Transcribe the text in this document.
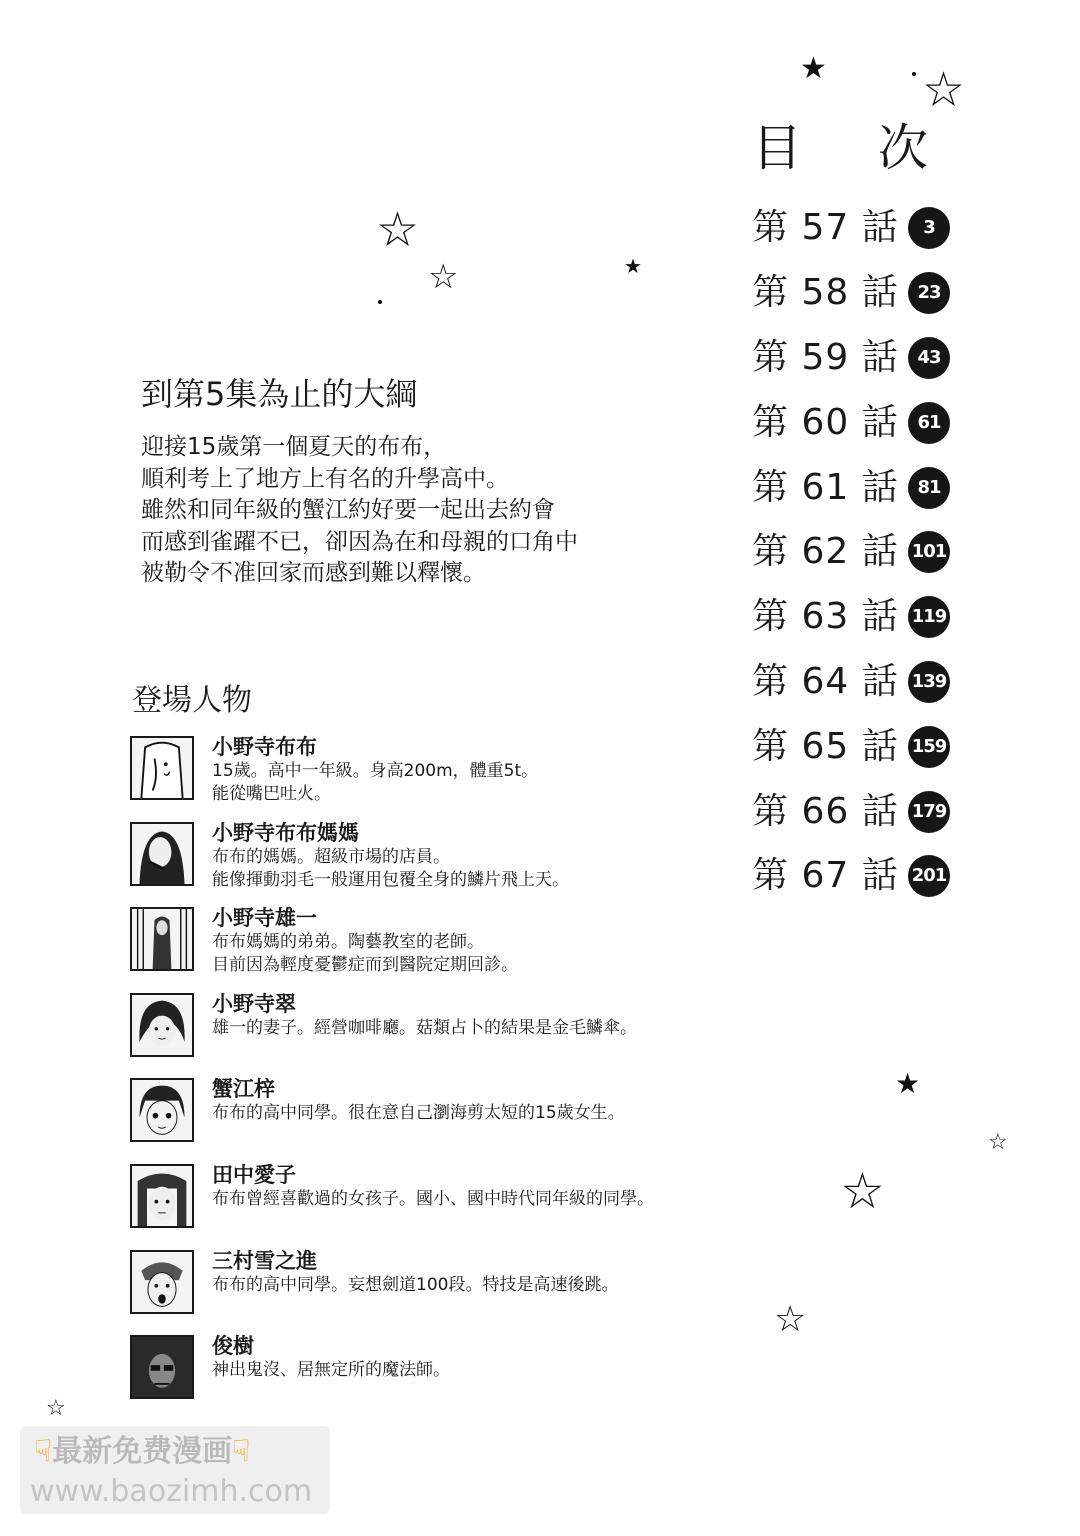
目 次
第 57 話	3
第 58 話	23
第 59 話	43
第 60 話	61
第 61 話	81
第 62 話 101
第 63 話 119
第 64 話 139
第 65 話 159
第 66 話 179
第 67 話 201
到第5集為止的大綱
迎接15歲第一個夏天的布布，
順利考上了地方上有名的升學高中。
雖然和同年級的蟹江約好要一起出去約會
而感到雀躍不已，卻因為在和母親的口角中
被勒令不准回家而感到難以釋懷。
登場人物
小野寺布布
15歲。高中一年級。身高200m，體重5t。
能從嘴巴吐火。
小野寺布布媽媽
布布的媽媽。超級市場的店員。
能像揮動羽毛一般運用包覆全身的鱗片飛上天。
小野寺雄一
布布媽媽的弟弟。陶藝教室的老師。
目前因為輕度憂鬱症而到醫院定期回診。
小野寺翠
雄一的妻子。經營咖啡廳。菇類占卜的結果是金毛鱗傘。
蟹江梓
布布的高中同學。很在意自己瀏海剪太短的15歲女生。
田中愛子
布布曾經喜歡過的女孩子。國小、國中時代同年級的同學。
三村雪之進
布布的高中同學。妄想劍道100段。特技是高速後跳。
俊樹
神出鬼沒、居無定所的魔法師。
★ ☆
☆
☆	★
★
☆
☆
☆
☆
☟最新免费漫画☟
www.baozimh.com
